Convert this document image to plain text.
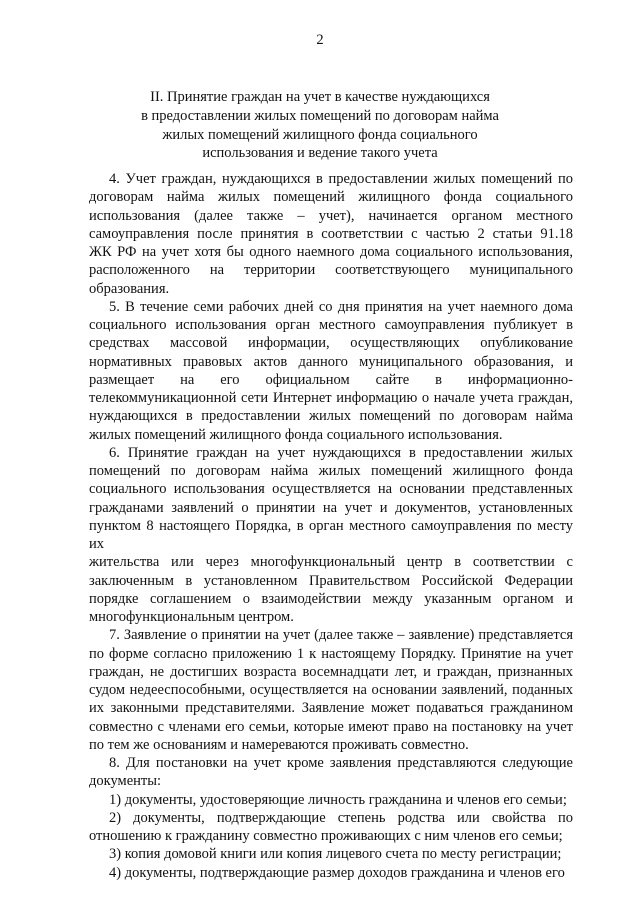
2
II. Принятие граждан на учет в качестве нуждающихся
в предоставлении жилых помещений по договорам найма
жилых помещений жилищного фонда социального
использования и ведение такого учета
4. Учет граждан, нуждающихся в предоставлении жилых помещений по
договорам найма жилых помещений жилищного фонда социального
использования (далее также – учет), начинается органом местного
самоуправления после принятия в соответствии с частью 2 статьи 91.18
ЖК РФ на учет хотя бы одного наемного дома социального использования,
расположенного на территории соответствующего муниципального
образования.
5. В течение семи рабочих дней со дня принятия на учет наемного дома
социального использования орган местного самоуправления публикует в
средствах массовой информации, осуществляющих опубликование
нормативных правовых актов данного муниципального образования, и
размещает на его официальном сайте в информационно-
телекоммуникационной сети Интернет информацию о начале учета граждан,
нуждающихся в предоставлении жилых помещений по договорам найма
жилых помещений жилищного фонда социального использования.
6. Принятие граждан на учет нуждающихся в предоставлении жилых
помещений по договорам найма жилых помещений жилищного фонда
социального использования осуществляется на основании представленных
гражданами заявлений о принятии на учет и документов, установленных
пунктом 8 настоящего Порядка, в орган местного самоуправления по месту их
жительства или через многофункциональный центр в соответствии с
заключенным в установленном Правительством Российской Федерации
порядке соглашением о взаимодействии между указанным органом и
многофункциональным центром.
7. Заявление о принятии на учет (далее также – заявление) представляется
по форме согласно приложению 1 к настоящему Порядку. Принятие на учет
граждан, не достигших возраста восемнадцати лет, и граждан, признанных
судом недееспособными, осуществляется на основании заявлений, поданных
их законными представителями. Заявление может подаваться гражданином
совместно с членами его семьи, которые имеют право на постановку на учет
по тем же основаниям и намереваются проживать совместно.
8. Для постановки на учет кроме заявления представляются следующие
документы:
1) документы, удостоверяющие личность гражданина и членов его семьи;
2) документы, подтверждающие степень родства или свойства по
отношению к гражданину совместно проживающих с ним членов его семьи;
3) копия домовой книги или копия лицевого счета по месту регистрации;
4) документы, подтверждающие размер доходов гражданина и членов его
